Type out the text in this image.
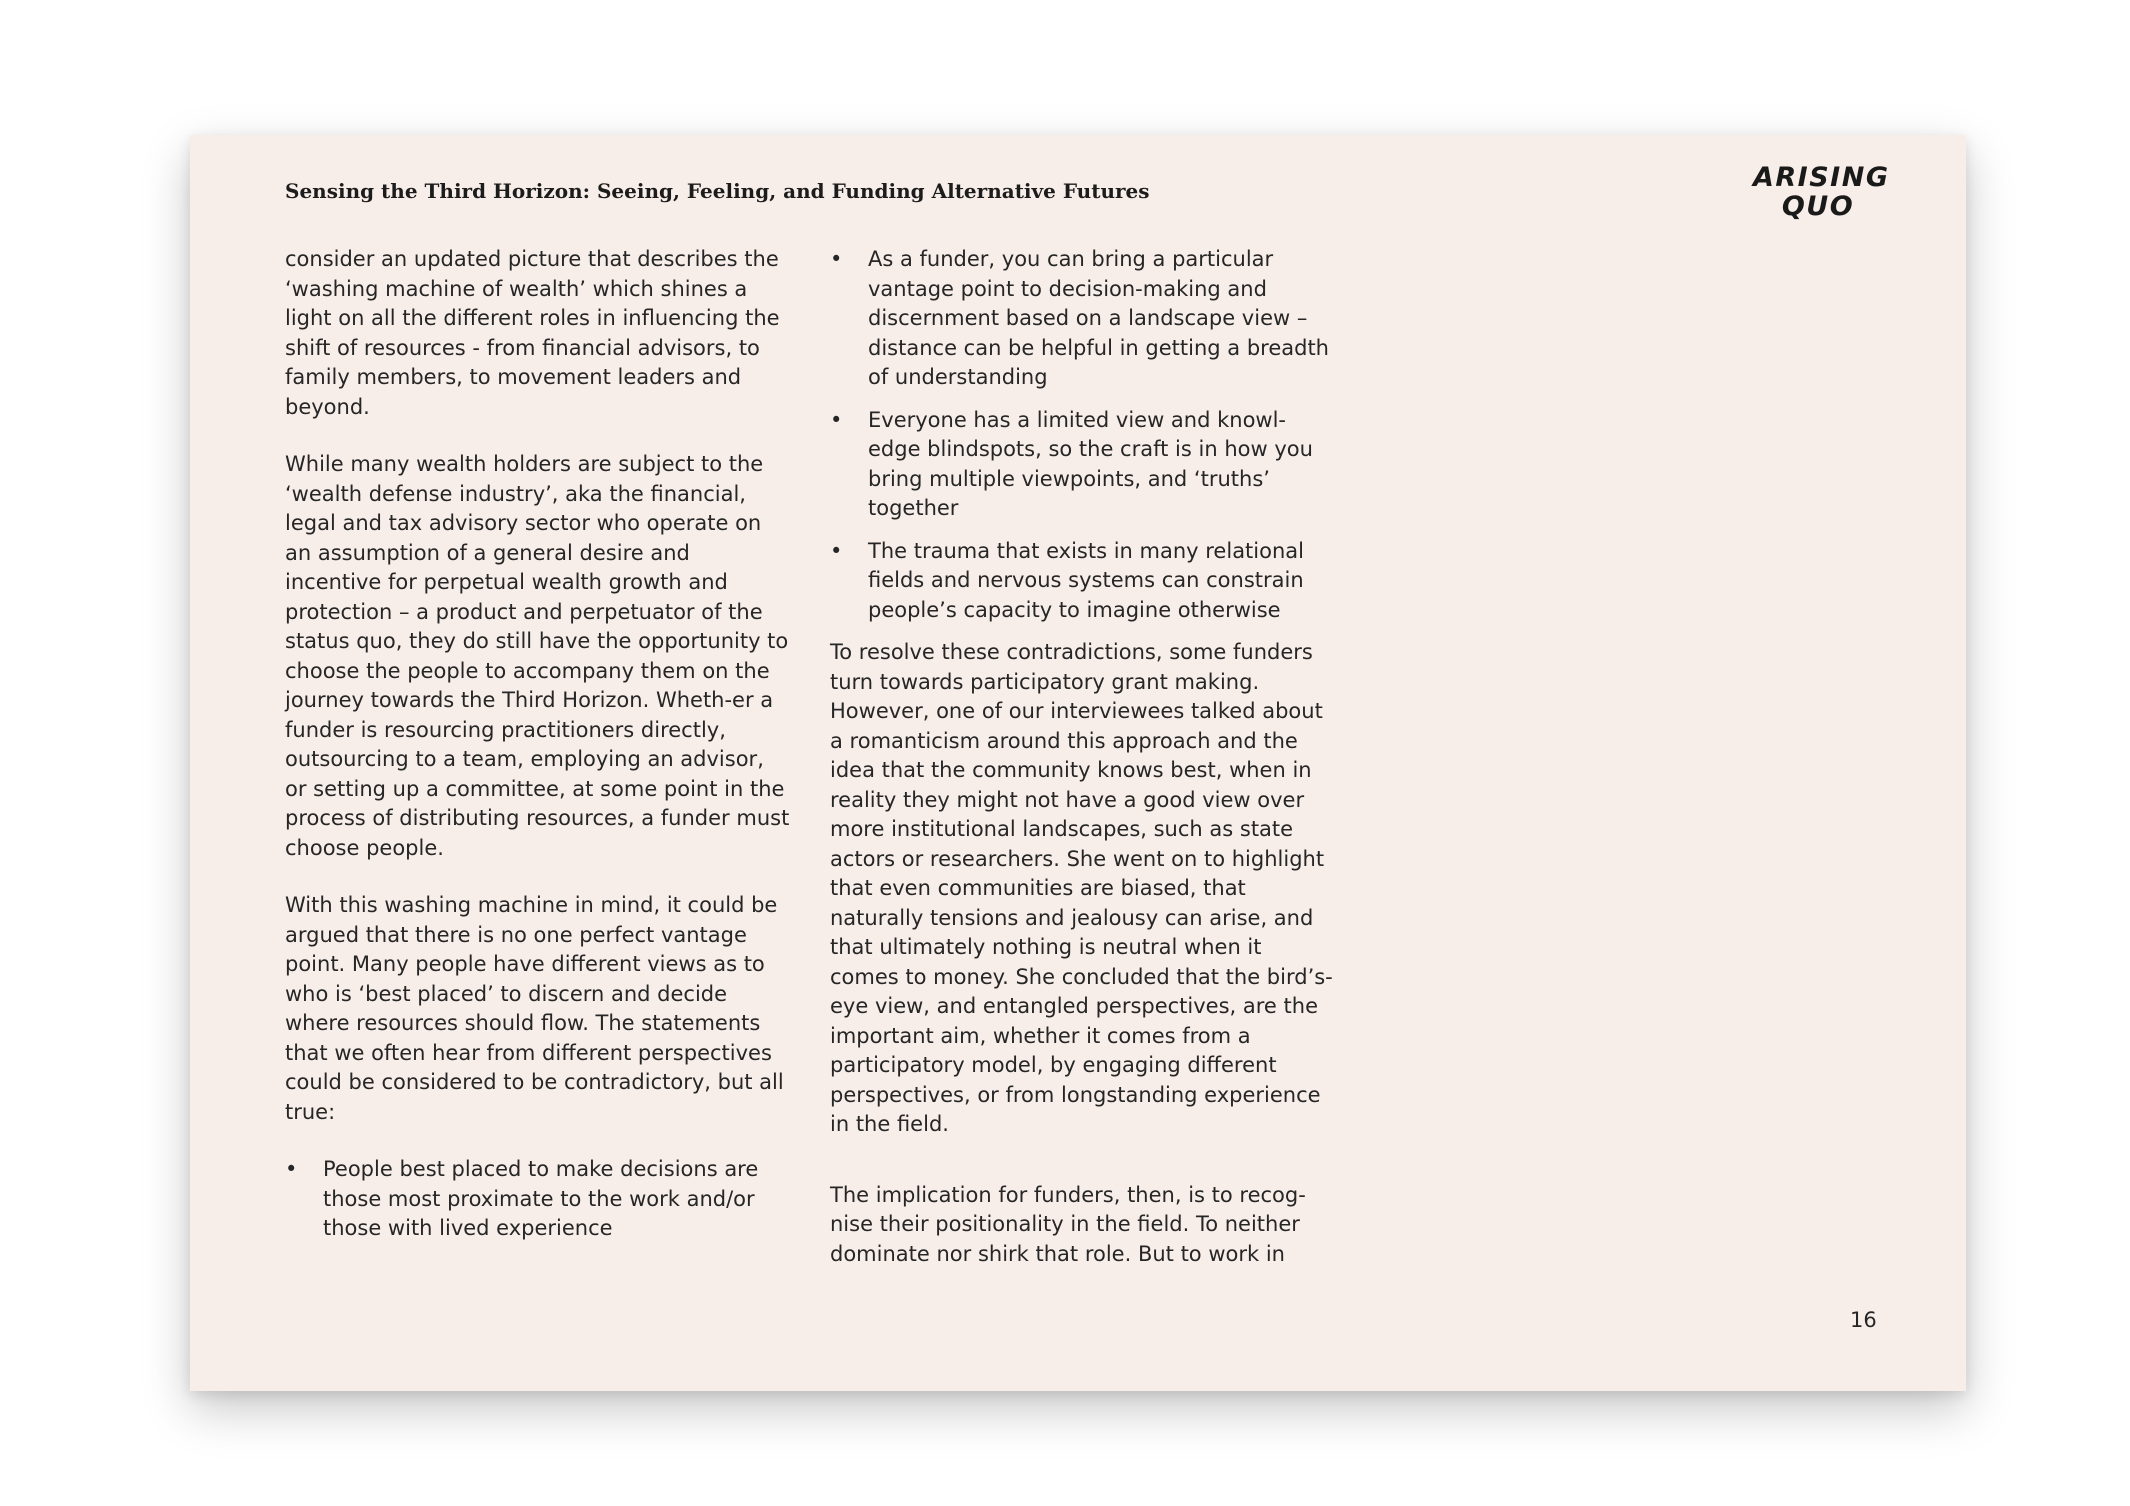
Sensing the Third Horizon: Seeing, Feeling, and Funding Alternative Futures	ARISING
QUO

consider an updated picture that describes the ‘washing machine of wealth’ which shines a light on all the different roles in influencing the shift of resources - from financial advisors, to family members, to movement leaders and beyond.

While many wealth holders are subject to the ‘wealth defense industry’, aka the financial, legal and tax advisory sector who operate on an assumption of a general desire and incentive for perpetual wealth growth and protection – a product and perpetuator of the status quo, they do still have the opportunity to choose the people to accompany them on the journey towards the Third Horizon. Wheth-er a funder is resourcing practitioners directly, outsourcing to a team, employing an advisor, or setting up a committee, at some point in the process of distributing resources, a funder must choose people.

With this washing machine in mind, it could be argued that there is no one perfect vantage point. Many people have different views as to who is ‘best placed’ to discern and decide where resources should flow. The statements that we often hear from different perspectives could be considered to be contradictory, but all true:

• People best placed to make decisions are those most proximate to the work and/or those with lived experience
• As a funder, you can bring a particular vantage point to decision-making and discernment based on a landscape view – distance can be helpful in getting a breadth of understanding
• Everyone has a limited view and knowl-edge blindspots, so the craft is in how you bring multiple viewpoints, and ‘truths’ together
• The trauma that exists in many relational fields and nervous systems can constrain people’s capacity to imagine otherwise

To resolve these contradictions, some funders turn towards participatory grant making. However, one of our interviewees talked about a romanticism around this approach and the idea that the community knows best, when in reality they might not have a good view over more institutional landscapes, such as state actors or researchers. She went on to highlight that even communities are biased, that naturally tensions and jealousy can arise, and that ultimately nothing is neutral when it comes to money. She concluded that the bird’s-eye view, and entangled perspectives, are the important aim, whether it comes from a participatory model, by engaging different perspectives, or from longstanding experience in the field.

The implication for funders, then, is to recog-nise their positionality in the field. To neither dominate nor shirk that role. But to work in

16
